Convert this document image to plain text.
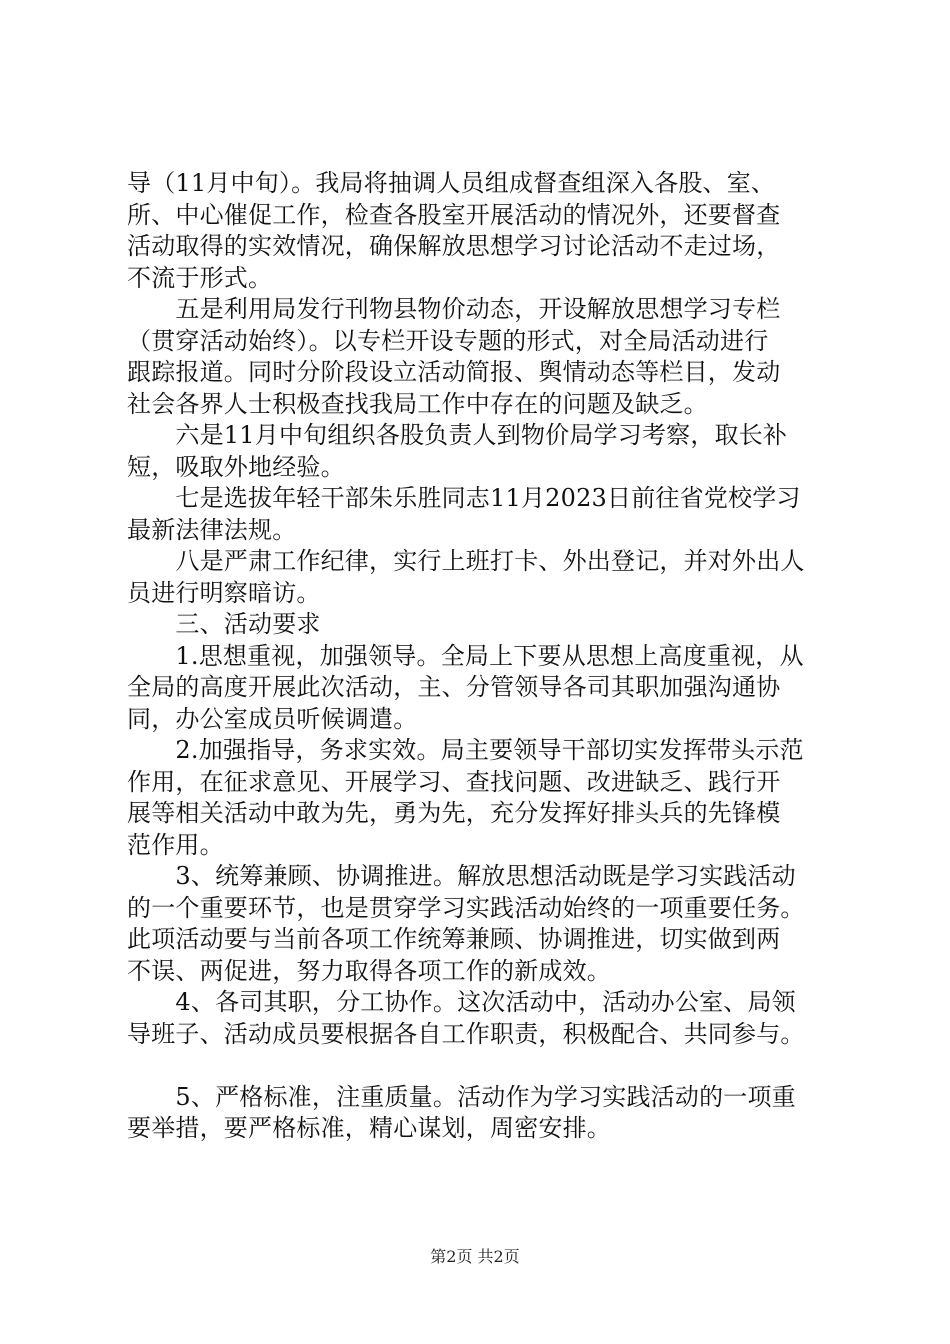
导（11月中旬）。我局将抽调人员组成督查组深入各股、室、
所、中心催促工作，检查各股室开展活动的情况外，还要督查
活动取得的实效情况，确保解放思想学习讨论活动不走过场，
不流于形式。
　　五是利用局发行刊物县物价动态，开设解放思想学习专栏
（贯穿活动始终）。以专栏开设专题的形式，对全局活动进行
跟踪报道。同时分阶段设立活动简报、舆情动态等栏目，发动
社会各界人士积极查找我局工作中存在的问题及缺乏。
　　六是11月中旬组织各股负责人到物价局学习考察，取长补
短，吸取外地经验。
　　七是选拔年轻干部朱乐胜同志11月2023日前往省党校学习
最新法律法规。
　　八是严肃工作纪律，实行上班打卡、外出登记，并对外出人
员进行明察暗访。
　　三、活动要求
　　1.思想重视，加强领导。全局上下要从思想上高度重视，从
全局的高度开展此次活动，主、分管领导各司其职加强沟通协
同，办公室成员听候调遣。
　　2.加强指导，务求实效。局主要领导干部切实发挥带头示范
作用，在征求意见、开展学习、查找问题、改进缺乏、践行开
展等相关活动中敢为先，勇为先，充分发挥好排头兵的先锋模
范作用。
　　3、统筹兼顾、协调推进。解放思想活动既是学习实践活动
的一个重要环节，也是贯穿学习实践活动始终的一项重要任务。
此项活动要与当前各项工作统筹兼顾、协调推进，切实做到两
不误、两促进，努力取得各项工作的新成效。
　　4、各司其职，分工协作。这次活动中，活动办公室、局领
导班子、活动成员要根据各自工作职责，积极配合、共同参与。
　　5、严格标准，注重质量。活动作为学习实践活动的一项重
要举措，要严格标准，精心谋划，周密安排。
第2页 共2页
